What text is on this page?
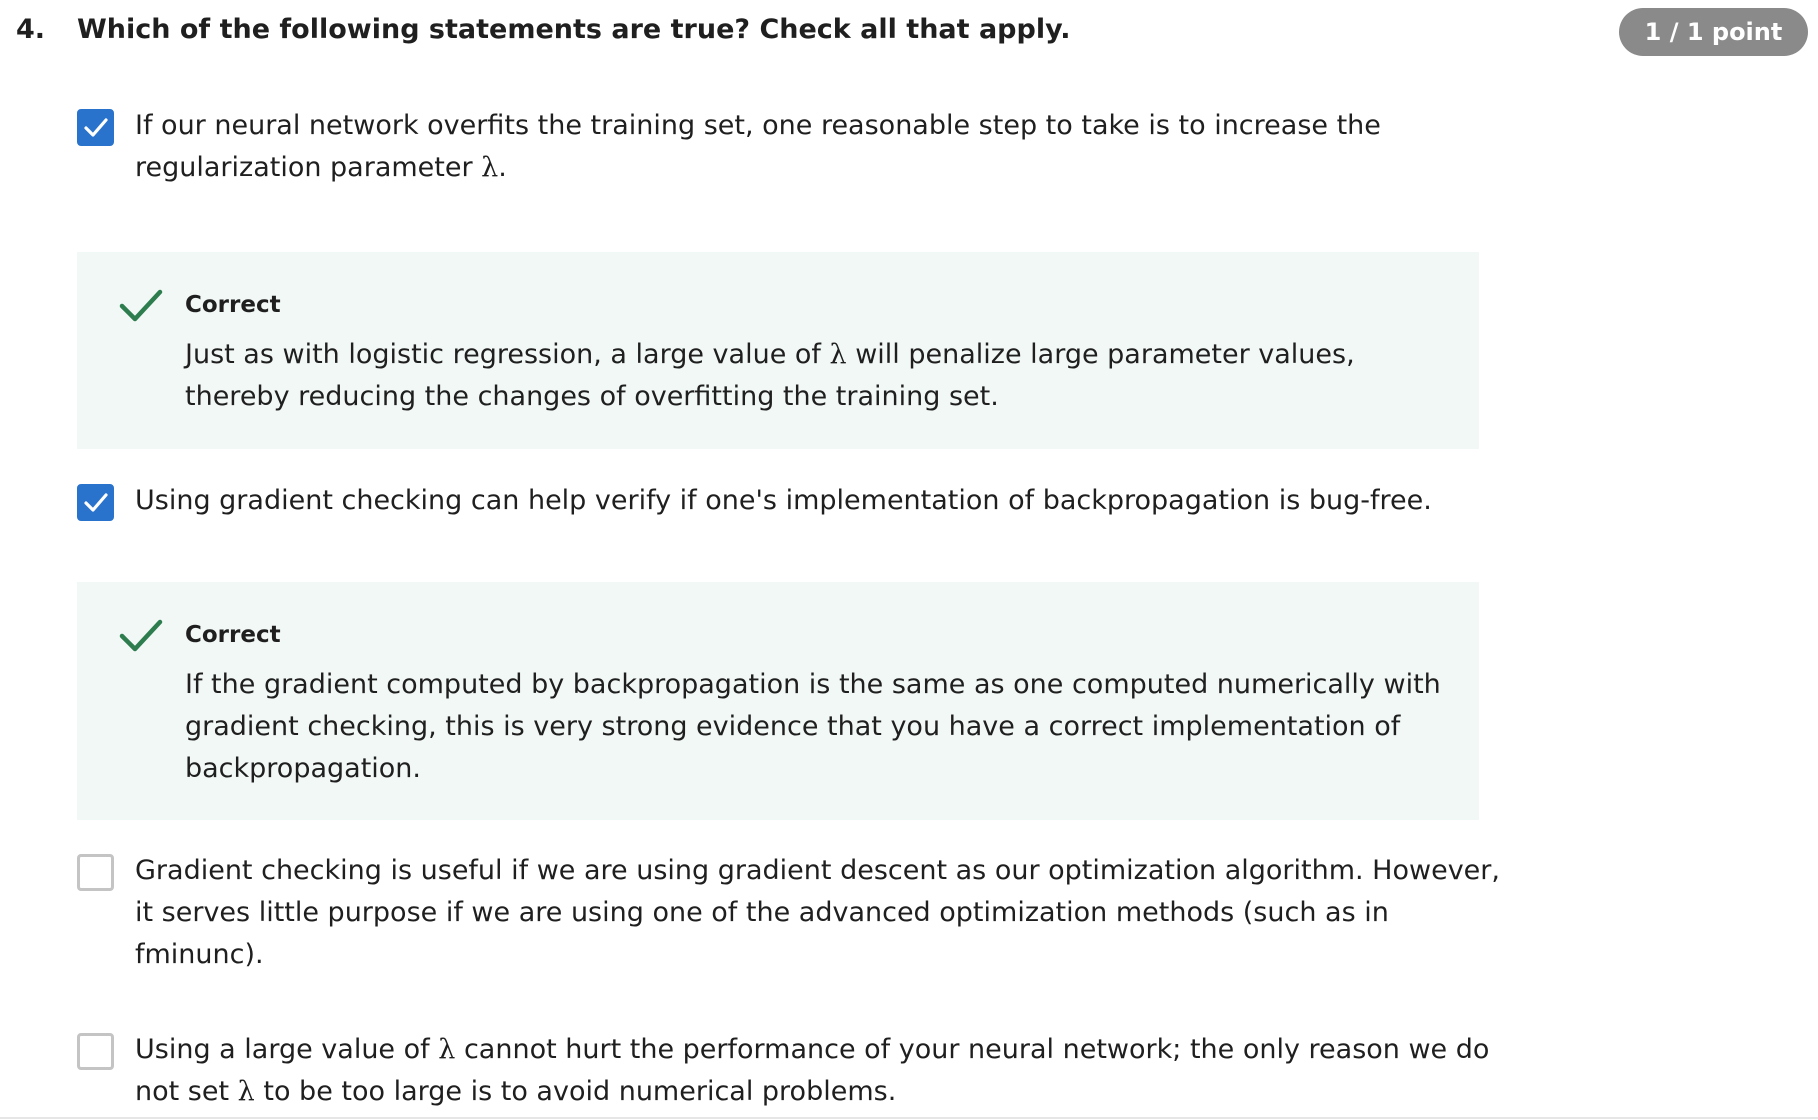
4. Which of the following statements are true? Check all that apply.	1 / 1 point
If our neural network overfits the training set, one reasonable step to take is to increase the regularization parameter λ.
Correct
Just as with logistic regression, a large value of λ will penalize large parameter values, thereby reducing the changes of overfitting the training set.
Using gradient checking can help verify if one's implementation of backpropagation is bug-free.
Correct
If the gradient computed by backpropagation is the same as one computed numerically with gradient checking, this is very strong evidence that you have a correct implementation of backpropagation.
Gradient checking is useful if we are using gradient descent as our optimization algorithm. However, it serves little purpose if we are using one of the advanced optimization methods (such as in fminunc).
Using a large value of λ cannot hurt the performance of your neural network; the only reason we do not set λ to be too large is to avoid numerical problems.
